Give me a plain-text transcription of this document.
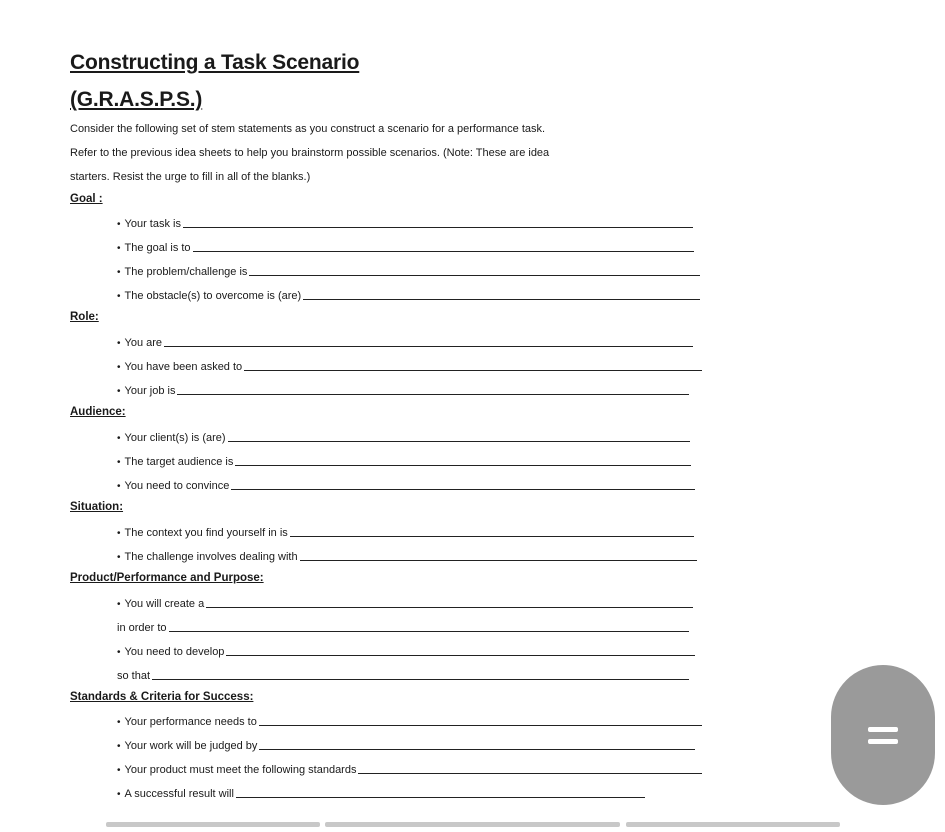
Constructing a Task Scenario
(G.R.A.S.P.S.)
Consider the following set of stem statements as you construct a scenario for a performance task.
Refer to the previous idea sheets to help you brainstorm possible scenarios. (Note: These are idea
starters. Resist the urge to fill in all of the blanks.)
Goal :
• Your task is
• The goal is to
• The problem/challenge is
• The obstacle(s) to overcome is (are)
Role:
• You are
• You have been asked to
• Your job is
Audience:
• Your client(s) is (are)
• The target audience is
• You need to convince
Situation:
• The context you find yourself in is
• The challenge involves dealing with
Product/Performance and Purpose:
• You will create a
in order to
• You need to develop
so that
Standards & Criteria for Success:
• Your performance needs to
• Your work will be judged by
• Your product must meet the following standards
• A successful result will
